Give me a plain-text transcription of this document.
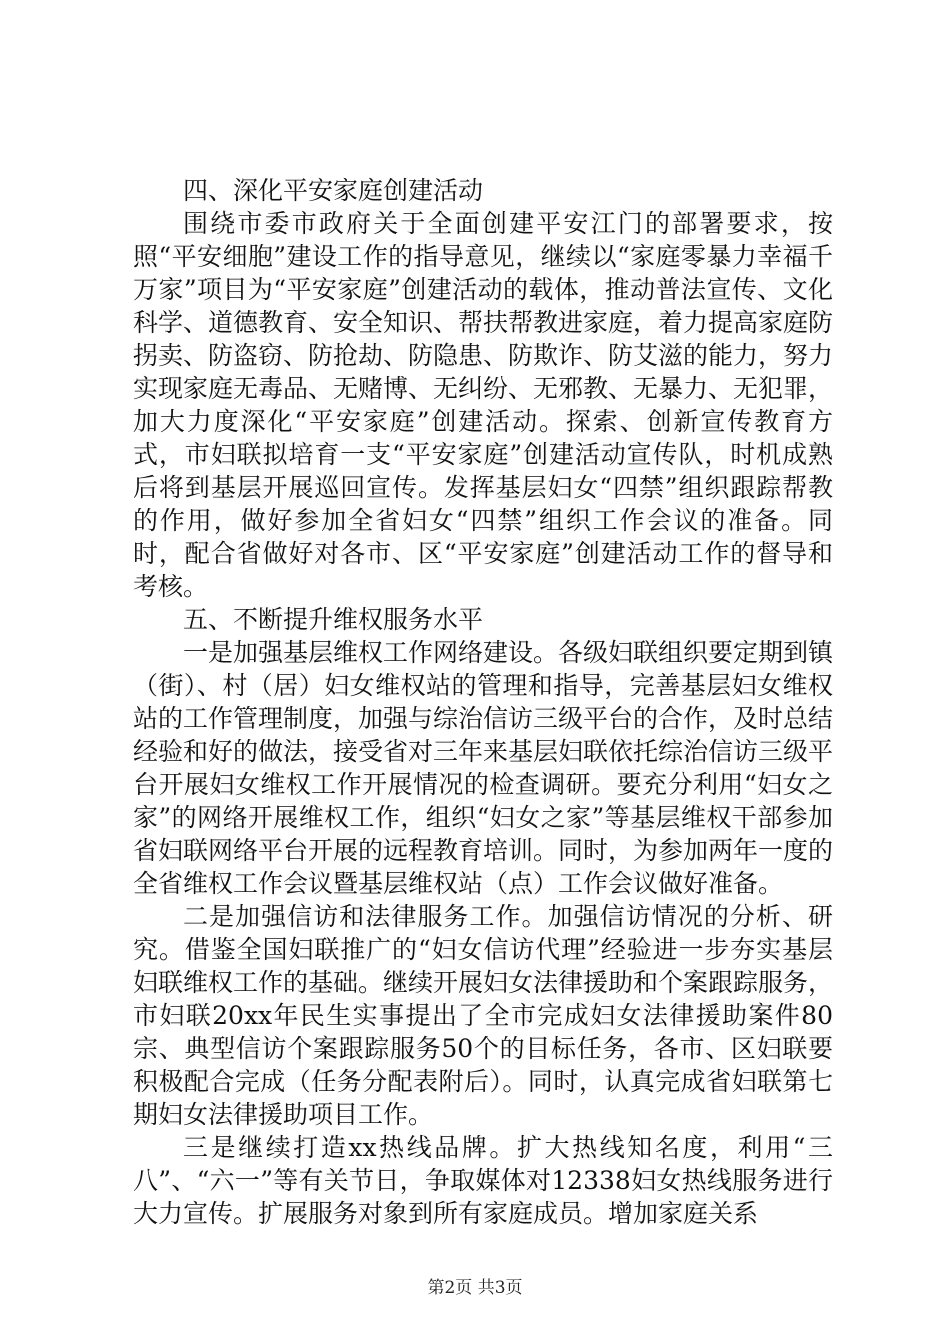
四、深化平安家庭创建活动

围绕市委市政府关于全面创建平安江门的部署要求，按照“平安细胞”建设工作的指导意见，继续以“家庭零暴力幸福千万家”项目为“平安家庭”创建活动的载体，推动普法宣传、文化科学、道德教育、安全知识、帮扶帮教进家庭，着力提高家庭防拐卖、防盗窃、防抢劫、防隐患、防欺诈、防艾滋的能力，努力实现家庭无毒品、无赌博、无纠纷、无邪教、无暴力、无犯罪，加大力度深化“平安家庭”创建活动。探索、创新宣传教育方式，市妇联拟培育一支“平安家庭”创建活动宣传队，时机成熟后将到基层开展巡回宣传。发挥基层妇女“四禁”组织跟踪帮教的作用，做好参加全省妇女“四禁”组织工作会议的准备。同时，配合省做好对各市、区“平安家庭”创建活动工作的督导和考核。

五、不断提升维权服务水平

一是加强基层维权工作网络建设。各级妇联组织要定期到镇（街）、村（居）妇女维权站的管理和指导，完善基层妇女维权站的工作管理制度，加强与综治信访三级平台的合作，及时总结经验和好的做法，接受省对三年来基层妇联依托综治信访三级平台开展妇女维权工作开展情况的检查调研。要充分利用“妇女之家”的网络开展维权工作，组织“妇女之家”等基层维权干部参加省妇联网络平台开展的远程教育培训。同时，为参加两年一度的全省维权工作会议暨基层维权站（点）工作会议做好准备。

二是加强信访和法律服务工作。加强信访情况的分析、研究。借鉴全国妇联推广的“妇女信访代理”经验进一步夯实基层妇联维权工作的基础。继续开展妇女法律援助和个案跟踪服务，市妇联20xx年民生实事提出了全市完成妇女法律援助案件80宗、典型信访个案跟踪服务50个的目标任务，各市、区妇联要积极配合完成（任务分配表附后）。同时，认真完成省妇联第七期妇女法律援助项目工作。

三是继续打造xx热线品牌。扩大热线知名度，利用“三八”、“六一”等有关节日，争取媒体对12338妇女热线服务进行大力宣传。扩展服务对象到所有家庭成员。增加家庭关系

第2页 共3页
